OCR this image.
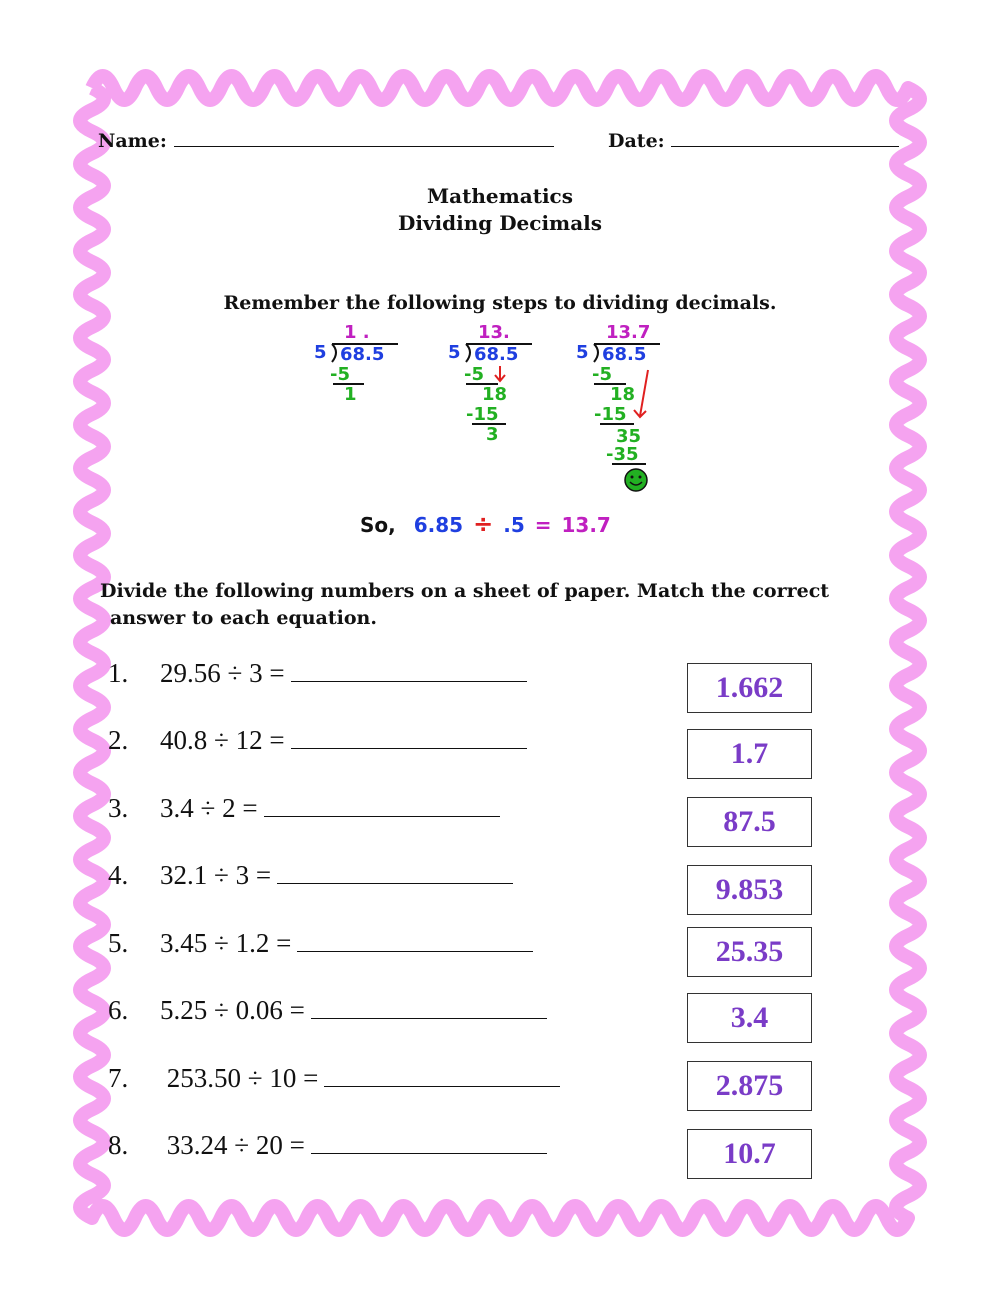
Name:	Date:
Mathematics
Dividing Decimals
Remember the following steps to dividing decimals.
1 .
5 68.5
-5
1
13.
5 68.5
-5
18
-15
3
13.7
5 68.5
-5
18
-15
35
-35
So, 6.85 ÷ .5 = 13.7
Divide the following numbers on a sheet of paper. Match the correct
answer to each equation.
1. 29.56 ÷ 3 =
2. 40.8 ÷ 12 =
3. 3.4 ÷ 2 =
4. 32.1 ÷ 3 =
5. 3.45 ÷ 1.2 =
6. 5.25 ÷ 0.06 =
7. 253.50 ÷ 10 =
8. 33.24 ÷ 20 =
1.662
1.7
87.5
9.853
25.35
3.4
2.875
10.7
